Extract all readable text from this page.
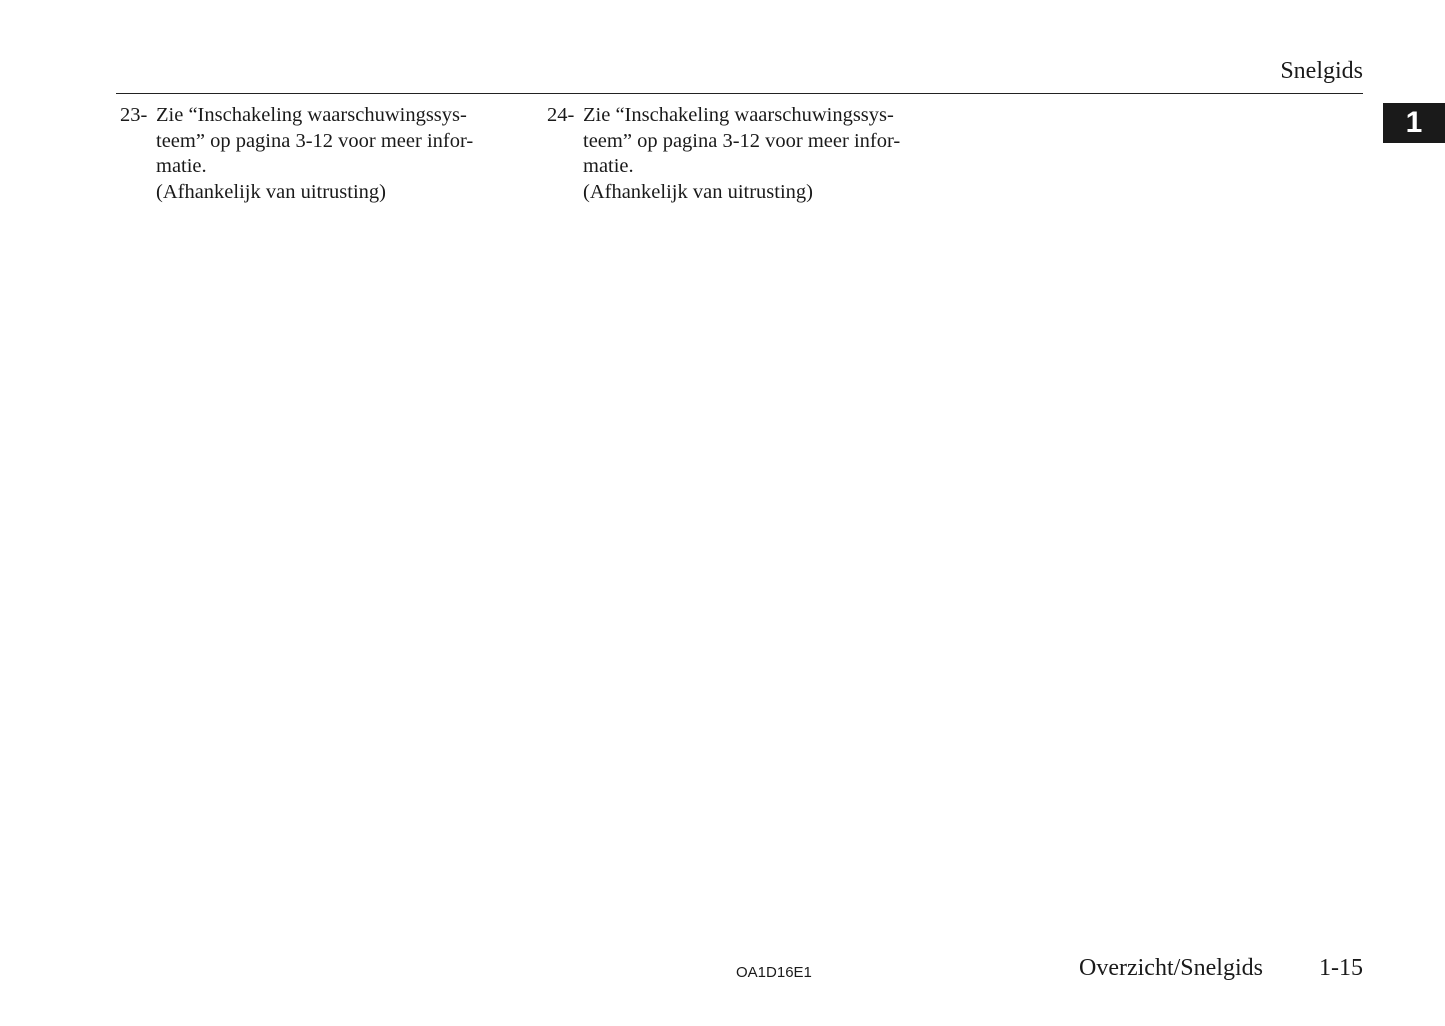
Snelgids
1
23- Zie “Inschakeling waarschuwingssys-
teem” op pagina 3-12 voor meer infor-
matie.
(Afhankelijk van uitrusting)
24- Zie “Inschakeling waarschuwingssys-
teem” op pagina 3-12 voor meer infor-
matie.
(Afhankelijk van uitrusting)
OA1D16E1	Overzicht/Snelgids 1-15
